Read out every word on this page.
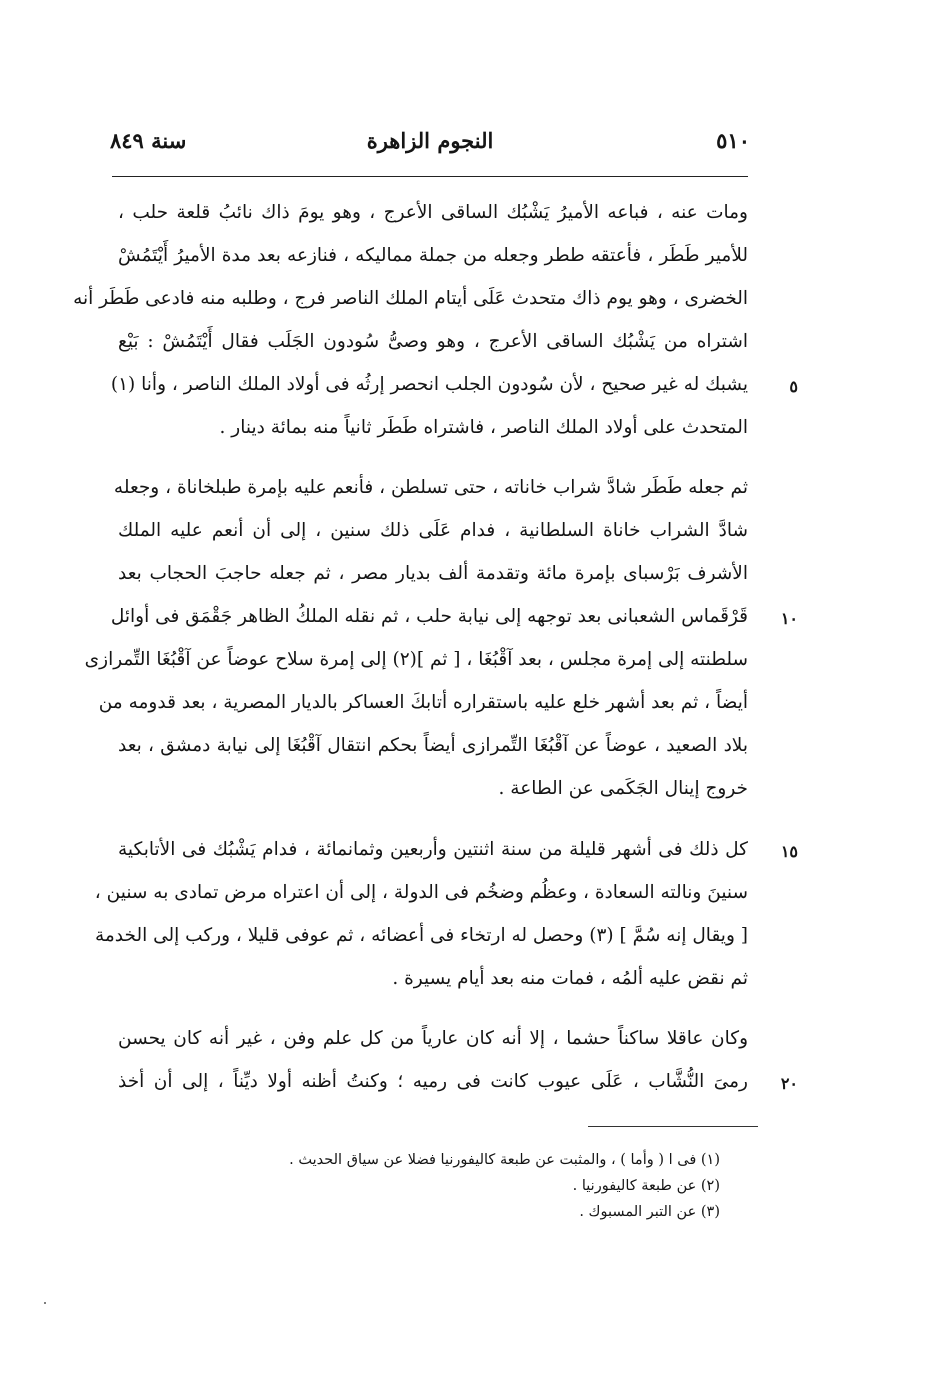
٥١٠
النجوم الزاهرة
سنة ٨٤٩
ومات عنه ، فباعه الأميرُ يَشْبُك الساقى الأعرج ، وهو يومَ ذاك نائبُ قلعة حلب ،
للأمير طَطَر ، فأعتقه ططر وجعله من جملة مماليكه ، فنازعه بعد مدة الأميرُ أَيْتَمُشْ
الخضرى ، وهو يوم ذاك متحدث عَلَى أيتام الملك الناصر فرج ، وطلبه منه فادعى طَطَر أنه
اشتراه من يَشْبُك الساقى الأعرج ، وهو وصىُّ سُودون الجَلَب فقال أَيْتَمُشْ : بَيْع
يشبك له غير صحيح ، لأن سُودون الجلب انحصر إرثُه فى أولاد الملك الناصر ، وأنا (١)	٥
المتحدث على أولاد الملك الناصر ، فاشتراه طَطَر ثانياً منه بمائة دينار .
ثم جعله طَطَر شادَّ شراب خاناته ، حتى تسلطن ، فأنعم عليه بإمرة طبلخاناة ، وجعله
شادَّ الشراب خاناة السلطانية ، فدام عَلَى ذلك سنين ، إلى أن أنعم عليه الملك
الأشرف بَرْسباى بإمرة مائة وتقدمة ألف بديار مصر ، ثم جعله حاجبَ الحجاب بعد
قَرْقَماس الشعبانى بعد توجهه إلى نيابة حلب ، ثم نقله الملكُ الظاهر جَقْمَق فى أوائل	١٠
سلطنته إلى إمرة مجلس ، بعد آقْبُغَا ، [ ثم ](٢) إلى إمرة سلاح عوضاً عن آقْبُغَا التِّمرازى
أيضاً ، ثم بعد أشهر خلع عليه باستقراره أتابكَ العساكر بالديار المصرية ، بعد قدومه من
بلاد الصعيد ، عوضاً عن آقْبُغَا التِّمرازى أيضاً بحكم انتقال آقْبُغَا إلى نيابة دمشق ، بعد
خروج إينال الجَكَمى عن الطاعة .
كل ذلك فى أشهر قليلة من سنة اثنتين وأربعين وثمانمائة ، فدام يَشْبُك فى الأتابكية	١٥
سنينَ ونالته السعادة ، وعظُم وضخُم فى الدولة ، إلى أن اعتراه مرض تمادى به سنين ،
[ ويقال إنه سُمَّ ] (٣) وحصل له ارتخاء فى أعضائه ، ثم عوفى قليلا ، وركب إلى الخدمة
ثم نقض عليه ألمُه ، فمات منه بعد أيام يسيرة .
وكان عاقلا ساكناً حشما ، إلا أنه كان عارياً من كل علم وفن ، غير أنه كان يحسن
رمىَ النُّشَّاب ، عَلَى عيوب كانت فى رميه ؛ وكنتُ أظنه أولا ديِّناً ، إلى أن أخذ	٢٠
(١) فى ا ( وأما ) ، والمثبت عن طبعة كاليفورنيا فضلا عن سياق الحديث .
(٢) عن طبعة كاليفورنيا .
(٣) عن التبر المسبوك .
